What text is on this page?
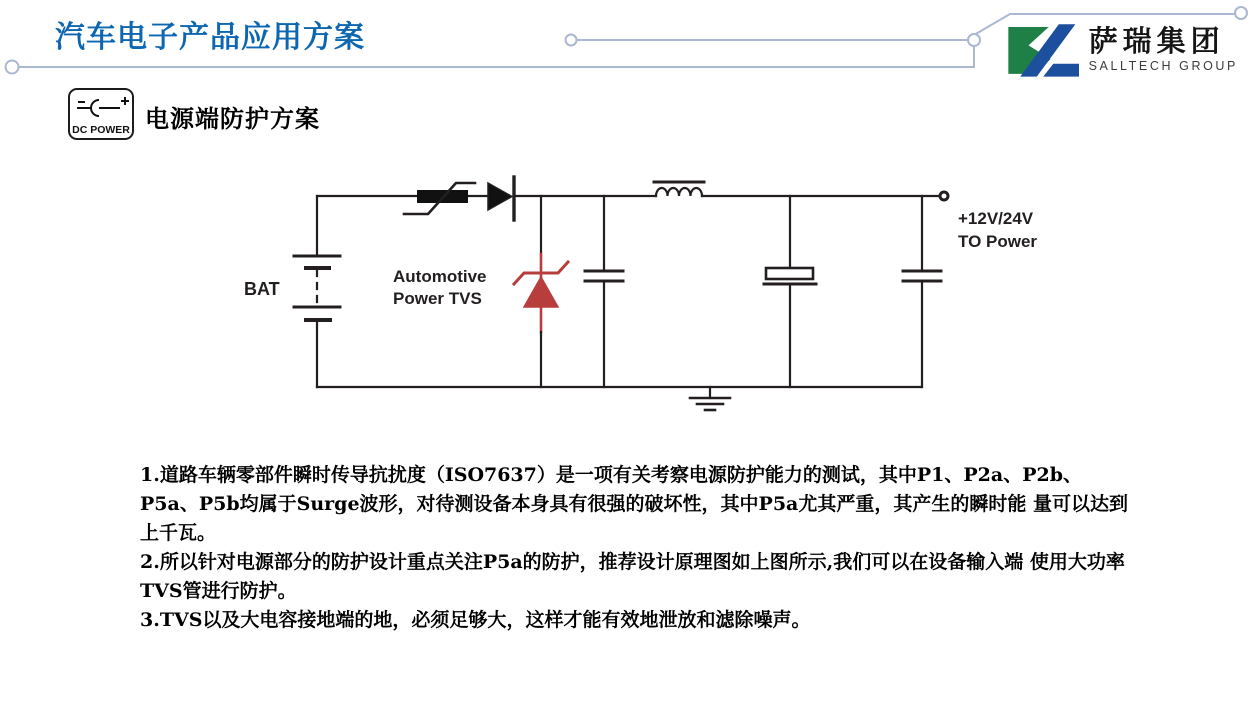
汽车电子产品应用方案	萨瑞集团
SALLTECH GROUP
DC POWER 电源端防护方案
BAT
Automotive
Power TVS
+12V/24V
TO Power

1.道路车辆零部件瞬时传导抗扰度（ISO7637）是一项有关考察电源防护能力的测试，其中P1、P2a、P2b、P5a、P5b均属于Surge波形，对待测设备本身具有很强的破坏性，其中P5a尤其严重，其产生的瞬时能 量可以达到上千瓦。

2.所以针对电源部分的防护设计重点关注P5a的防护，推荐设计原理图如上图所示,我们可以在设备输入端 使用大功率TVS管进行防护。

3.TVS以及大电容接地端的地，必须足够大，这样才能有效地泄放和滤除噪声。
